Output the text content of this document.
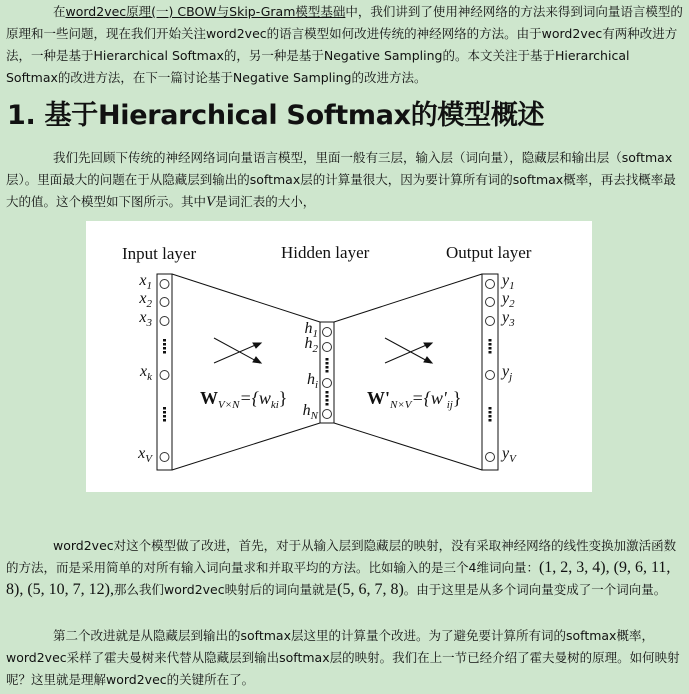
在word2vec原理(一) CBOW与Skip-Gram模型基础中，我们讲到了使用神经网络的方法来得到词向量语言模型的原理和一些问题，现在我们开始关注word2vec的语言模型如何改进传统的神经网络的方法。由于word2vec有两种改进方法，一种是基于Hierarchical Softmax的，另一种是基于Negative Sampling的。本文关注于基于Hierarchical Softmax的改进方法，在下一篇讨论基于Negative Sampling的改进方法。

1. 基于Hierarchical Softmax的模型概述

我们先回顾下传统的神经网络词向量语言模型，里面一般有三层，输入层（词向量），隐藏层和输出层（softmax层）。里面最大的问题在于从隐藏层到输出的softmax层的计算量很大，因为要计算所有词的softmax概率，再去找概率最大的值。这个模型如下图所示。其中V是词汇表的大小，

Input layer	Hidden layer	Output layer
$x_1$
$x_2$
$x_3$
$x_k$
$x_V$
$y_1$
$y_2$
$y_3$
$y_j$
$y_V$
$h_1$
$h_2$
$h_i$
$h_N$
$W_{V\times N}=\{w_{ki}\}$	$W'_{N\times V}=\{w'_{ij}\}$

word2vec对这个模型做了改进，首先，对于从输入层到隐藏层的映射，没有采取神经网络的线性变换加激活函数的方法，而是采用简单的对所有输入词向量求和并取平均的方法。比如输入的是三个4维词向量：(1, 2, 3, 4), (9, 6, 11, 8), (5, 10, 7, 12),那么我们word2vec映射后的词向量就是(5, 6, 7, 8)。由于这里是从多个词向量变成了一个词向量。

第二个改进就是从隐藏层到输出的softmax层这里的计算量个改进。为了避免要计算所有词的softmax概率，word2vec采样了霍夫曼树来代替从隐藏层到输出softmax层的映射。我们在上一节已经介绍了霍夫曼树的原理。如何映射呢？这里就是理解word2vec的关键所在了。
